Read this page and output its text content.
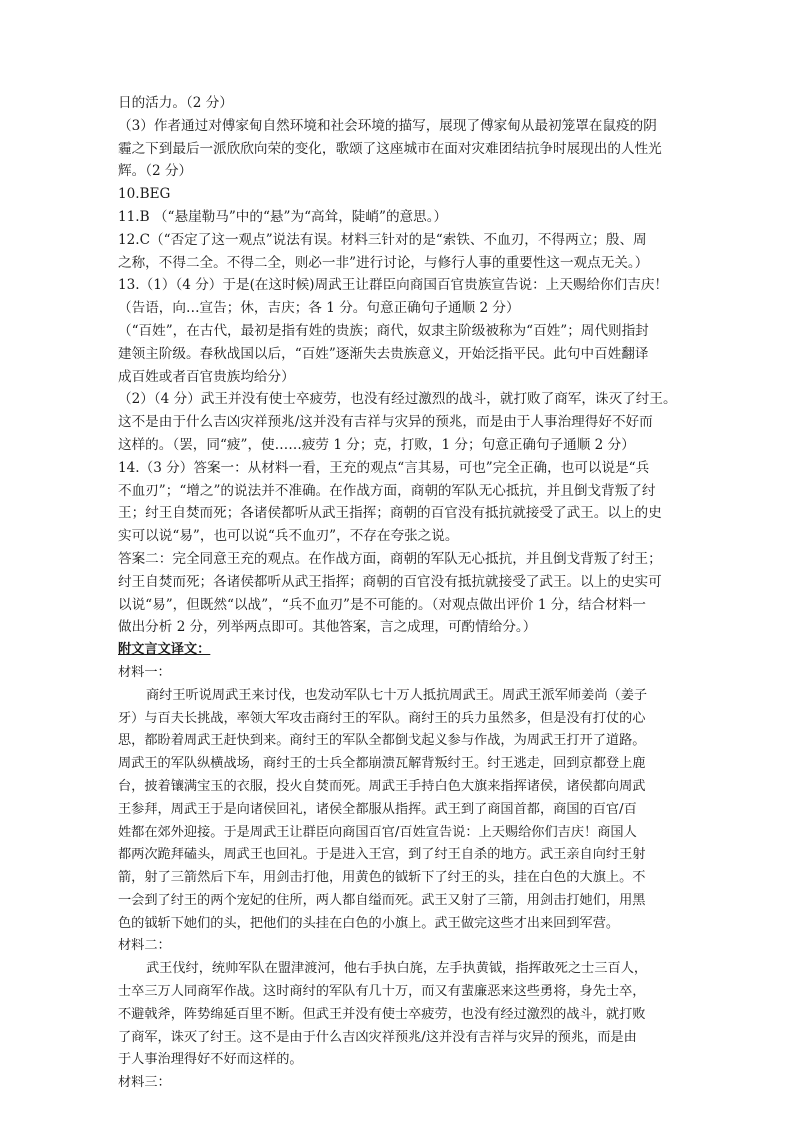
日的活力。（2 分）
（3）作者通过对傅家甸自然环境和社会环境的描写，展现了傅家甸从最初笼罩在鼠疫的阴
霾之下到最后一派欣欣向荣的变化，歌颂了这座城市在面对灾难团结抗争时展现出的人性光
辉。（2 分）
10.BEG
11.B （“悬崖勒马”中的“悬”为“高耸，陡峭”的意思。）
12.C（“否定了这一观点”说法有误。材料三针对的是“索铁、不血刃，不得两立；殷、周
之称，不得二全。不得二全，则必一非”进行讨论，与修行人事的重要性这一观点无关。）
13.（1）（4 分）于是(在这时候)周武王让群臣向商国百官贵族宣告说：上天赐给你们吉庆！
（告语，向…宣告；休，吉庆；各 1 分。句意正确句子通顺 2 分）
（“百姓”，在古代，最初是指有姓的贵族；商代，奴隶主阶级被称为“百姓”；周代则指封
建领主阶级。春秋战国以后，“百姓”逐渐失去贵族意义，开始泛指平民。此句中百姓翻译
成百姓或者百官贵族均给分）
（2）（4 分）武王并没有使士卒疲劳，也没有经过激烈的战斗，就打败了商军，诛灭了纣王。
这不是由于什么吉凶灾祥预兆/这并没有吉祥与灾异的预兆，而是由于人事治理得好不好而
这样的。（罢，同“疲”，使……疲劳 1 分；克，打败，1 分；句意正确句子通顺 2 分）
14.（3 分）答案一：从材料一看，王充的观点“言其易，可也”完全正确，也可以说是“兵
不血刃”；“增之”的说法并不准确。在作战方面，商朝的军队无心抵抗，并且倒戈背叛了纣
王；纣王自焚而死；各诸侯都听从武王指挥；商朝的百官没有抵抗就接受了武王。以上的史
实可以说“易”，也可以说“兵不血刃”，不存在夸张之说。
答案二：完全同意王充的观点。在作战方面，商朝的军队无心抵抗，并且倒戈背叛了纣王；
纣王自焚而死；各诸侯都听从武王指挥；商朝的百官没有抵抗就接受了武王。以上的史实可
以说“易”，但既然“以战”，“兵不血刃”是不可能的。（对观点做出评价 1 分，结合材料一
做出分析 2 分，列举两点即可。其他答案，言之成理，可酌情给分。）
附文言文译文：
材料一：
商纣王听说周武王来讨伐，也发动军队七十万人抵抗周武王。周武王派军师姜尚（姜子
牙）与百夫长挑战，率领大军攻击商纣王的军队。商纣王的兵力虽然多，但是没有打仗的心
思，都盼着周武王赶快到来。商纣王的军队全都倒戈起义参与作战，为周武王打开了道路。
周武王的军队纵横战场，商纣王的士兵全都崩溃瓦解背叛纣王。纣王逃走，回到京都登上鹿
台，披着镶满宝玉的衣服，投火自焚而死。周武王手持白色大旗来指挥诸侯，诸侯都向周武
王参拜，周武王于是向诸侯回礼，诸侯全都服从指挥。武王到了商国首都，商国的百官/百
姓都在郊外迎接。于是周武王让群臣向商国百官/百姓宣告说：上天赐给你们吉庆！商国人
都两次跪拜磕头，周武王也回礼。于是进入王宫，到了纣王自杀的地方。武王亲自向纣王射
箭，射了三箭然后下车，用剑击打他，用黄色的钺斩下了纣王的头，挂在白色的大旗上。不
一会到了纣王的两个宠妃的住所，两人都自缢而死。武王又射了三箭，用剑击打她们，用黑
色的钺斩下她们的头，把他们的头挂在白色的小旗上。武王做完这些才出来回到军营。
材料二：
武王伐纣，统帅军队在盟津渡河，他右手执白旄，左手执黄钺，指挥敢死之士三百人，
士卒三万人同商军作战。这时商纣的军队有几十万，而又有蜚廉恶来这些勇将，身先士卒，
不避戟斧，阵势绵延百里不断。但武王并没有使士卒疲劳，也没有经过激烈的战斗，就打败
了商军，诛灭了纣王。这不是由于什么吉凶灾祥预兆/这并没有吉祥与灾异的预兆，而是由
于人事治理得好不好而这样的。
材料三：
